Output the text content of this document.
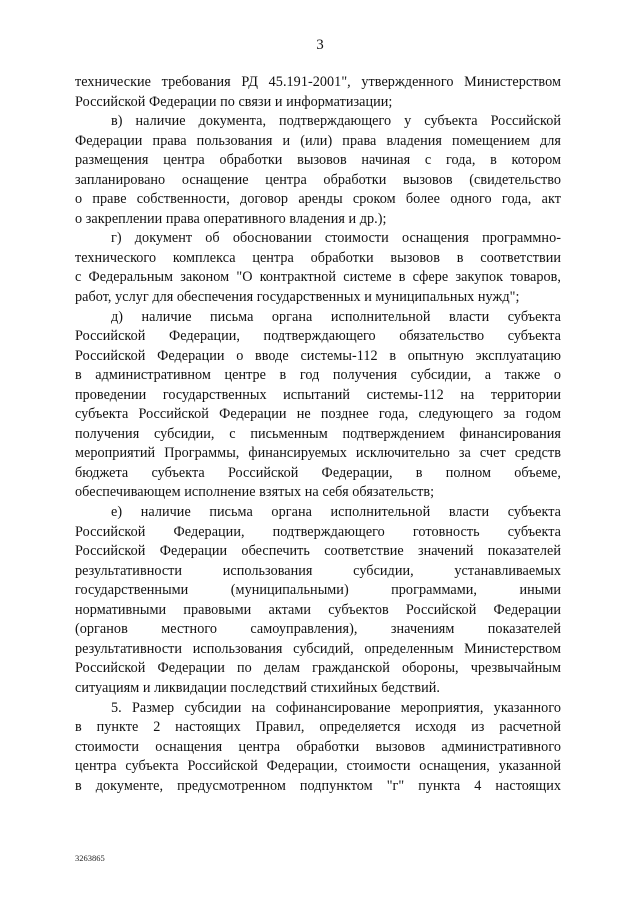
3
технические требования РД 45.191-2001", утвержденного Министерством
Российской Федерации по связи и информатизации;
в) наличие документа, подтверждающего у субъекта Российской
Федерации права пользования и (или) права владения помещением для
размещения центра обработки вызовов начиная с года, в котором
запланировано оснащение центра обработки вызовов (свидетельство
о праве собственности, договор аренды сроком более одного года, акт
о закреплении права оперативного владения и др.);
г) документ об обосновании стоимости оснащения программно-
технического комплекса центра обработки вызовов в соответствии
с Федеральным законом "О контрактной системе в сфере закупок товаров,
работ, услуг для обеспечения государственных и муниципальных нужд";
д) наличие письма органа исполнительной власти субъекта
Российской Федерации, подтверждающего обязательство субъекта
Российской Федерации о вводе системы-112 в опытную эксплуатацию
в административном центре в год получения субсидии, а также о
проведении государственных испытаний системы-112 на территории
субъекта Российской Федерации не позднее года, следующего за годом
получения субсидии, с письменным подтверждением финансирования
мероприятий Программы, финансируемых исключительно за счет средств
бюджета субъекта Российской Федерации, в полном объеме,
обеспечивающем исполнение взятых на себя обязательств;
е) наличие письма органа исполнительной власти субъекта
Российской Федерации, подтверждающего готовность субъекта
Российской Федерации обеспечить соответствие значений показателей
результативности использования субсидии, устанавливаемых
государственными (муниципальными) программами, иными
нормативными правовыми актами субъектов Российской Федерации
(органов местного самоуправления), значениям показателей
результативности использования субсидий, определенным Министерством
Российской Федерации по делам гражданской обороны, чрезвычайным
ситуациям и ликвидации последствий стихийных бедствий.
5. Размер субсидии на софинансирование мероприятия, указанного
в пункте 2 настоящих Правил, определяется исходя из расчетной
стоимости оснащения центра обработки вызовов административного
центра субъекта Российской Федерации, стоимости оснащения, указанной
в документе, предусмотренном подпунктом "г" пункта 4 настоящих
3263865
